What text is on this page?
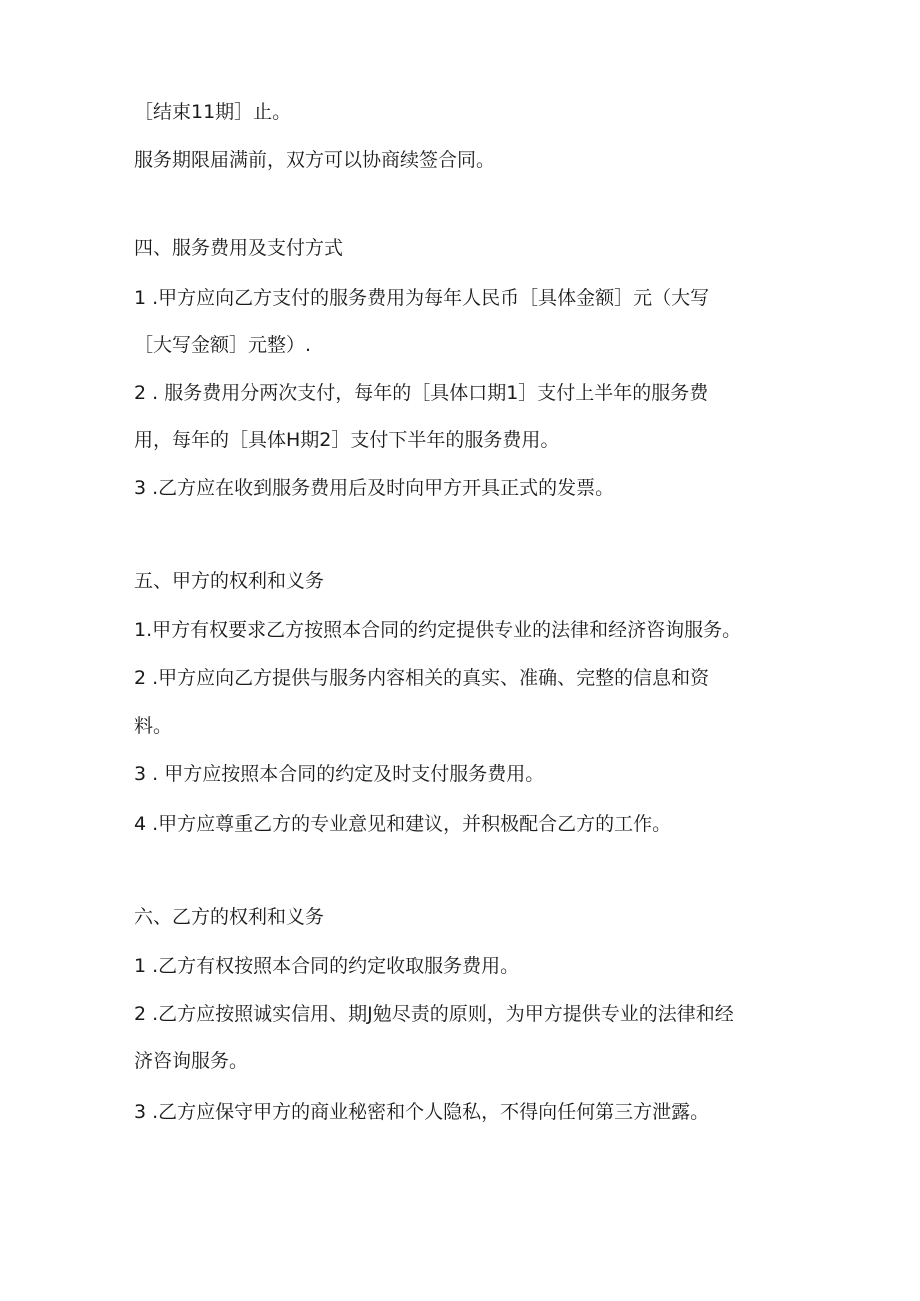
［结束11期］止。

服务期限届满前，双方可以协商续签合同。

四、服务费用及支付方式

1 .甲方应向乙方支付的服务费用为每年人民币［具体金额］元（大写

［大写金额］元整）.

2 . 服务费用分两次支付，每年的［具体口期1］支付上半年的服务费

用，每年的［具体H期2］支付下半年的服务费用。

3 .乙方应在收到服务费用后及时向甲方开具正式的发票。

五、甲方的权利和义务

1.甲方有权要求乙方按照本合同的约定提供专业的法律和经济咨询服务。

2 .甲方应向乙方提供与服务内容相关的真实、准确、完整的信息和资

料。

3 . 甲方应按照本合同的约定及时支付服务费用。

4 .甲方应尊重乙方的专业意见和建议，并积极配合乙方的工作。

六、乙方的权利和义务

1 .乙方有权按照本合同的约定收取服务费用。

2 .乙方应按照诚实信用、期J勉尽责的原则，为甲方提供专业的法律和经

济咨询服务。

3 .乙方应保守甲方的商业秘密和个人隐私，不得向任何第三方泄露。
